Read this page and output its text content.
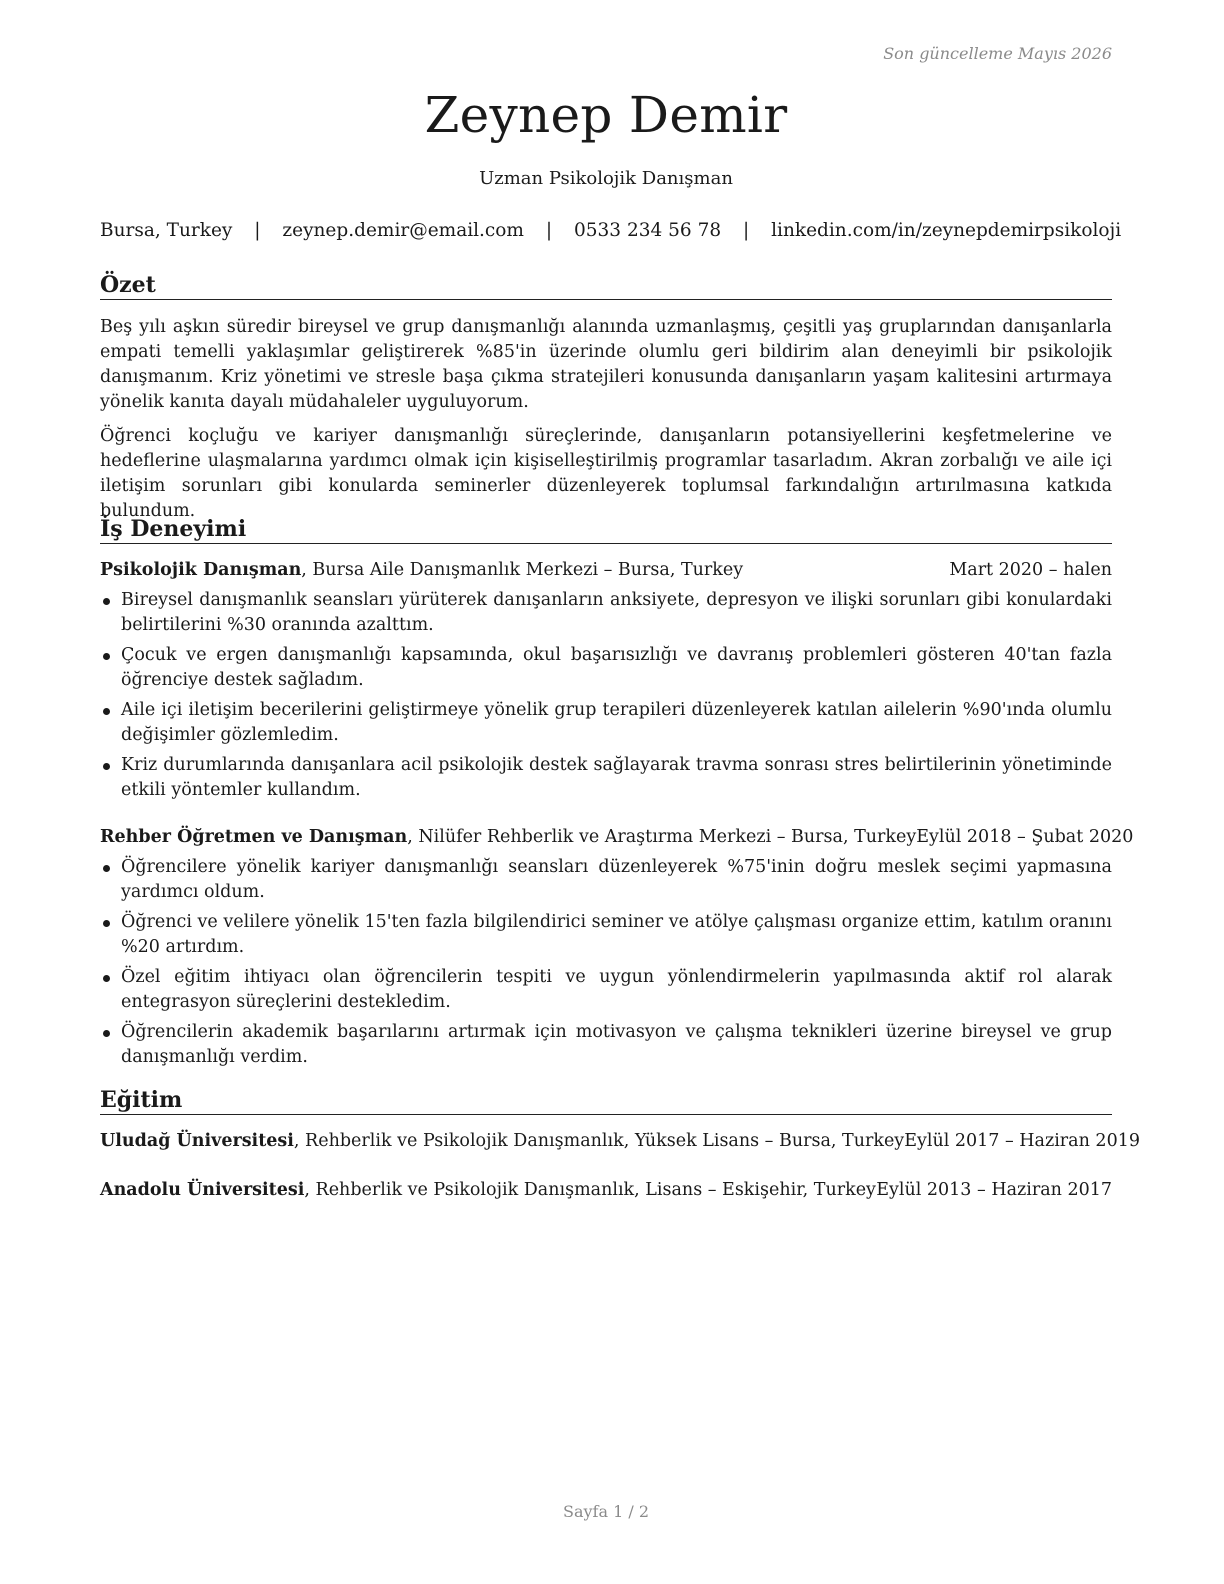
Son güncelleme Mayıs 2026
Zeynep Demir
Uzman Psikolojik Danışman
Bursa, Turkey | zeynep.demir@email.com | 0533 234 56 78 | linkedin.com/in/zeynepdemirpsikoloji
Özet

Beş yılı aşkın süredir bireysel ve grup danışmanlığı alanında uzmanlaşmış, çeşitli yaş gruplarından danışanlarla empati temelli yaklaşımlar geliştirerek %85'in üzerinde olumlu geri bildirim alan deneyimli bir psikolojik danışmanım. Kriz yönetimi ve stresle başa çıkma stratejileri konusunda danışanların yaşam kalitesini artırmaya yönelik kanıta dayalı müdahaleler uyguluyorum.

Öğrenci koçluğu ve kariyer danışmanlığı süreçlerinde, danışanların potansiyellerini keşfetmelerine ve hedeflerine ulaşmalarına yardımcı olmak için kişiselleştirilmiş programlar tasarladım. Akran zorbalığı ve aile içi iletişim sorunları gibi konularda seminerler düzenleyerek toplumsal farkındalığın artırılmasına katkıda bulundum.

İş Deneyimi
Psikolojik Danışman, Bursa Aile Danışmanlık Merkezi – Bursa, Turkey	Mart 2020 – halen
Bireysel danışmanlık seansları yürüterek danışanların anksiyete, depresyon ve ilişki sorunları gibi konulardaki belirtilerini %30 oranında azalttım.
Çocuk ve ergen danışmanlığı kapsamında, okul başarısızlığı ve davranış problemleri gösteren 40'tan fazla öğrenciye destek sağladım.
Aile içi iletişim becerilerini geliştirmeye yönelik grup terapileri düzenleyerek katılan ailelerin %90'ında olumlu değişimler gözlemledim.
Kriz durumlarında danışanlara acil psikolojik destek sağlayarak travma sonrası stres belirtilerinin yönetiminde etkili yöntemler kullandım.
Rehber Öğretmen ve Danışman, Nilüfer Rehberlik ve Araştırma Merkezi – Bursa, Turkey Eylül 2018 – Şubat 2020
Öğrencilere yönelik kariyer danışmanlığı seansları düzenleyerek %75'inin doğru meslek seçimi yapmasına yardımcı oldum.
Öğrenci ve velilere yönelik 15'ten fazla bilgilendirici seminer ve atölye çalışması organize ettim, katılım oranını %20 artırdım.
Özel eğitim ihtiyacı olan öğrencilerin tespiti ve uygun yönlendirmelerin yapılmasında aktif rol alarak entegrasyon süreçlerini destekledim.
Öğrencilerin akademik başarılarını artırmak için motivasyon ve çalışma teknikleri üzerine bireysel ve grup danışmanlığı verdim.
Eğitim
Uludağ Üniversitesi, Rehberlik ve Psikolojik Danışmanlık, Yüksek Lisans – Bursa, Turkey Eylül 2017 – Haziran 2019
Anadolu Üniversitesi, Rehberlik ve Psikolojik Danışmanlık, Lisans – Eskişehir, Turkey Eylül 2013 – Haziran 2017
Sayfa 1 / 2
